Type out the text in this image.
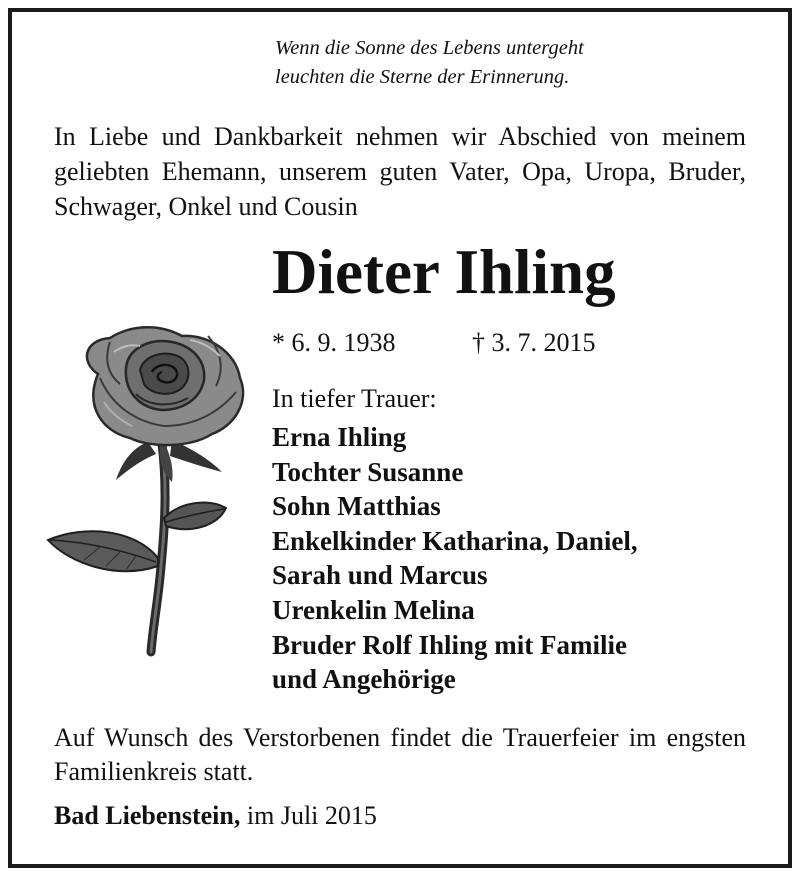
Wenn die Sonne des Lebens untergeht
leuchten die Sterne der Erinnerung.
In Liebe und Dankbarkeit nehmen wir Abschied von meinem geliebten Ehemann, unserem guten Vater, Opa, Uropa, Bruder, Schwager, Onkel und Cousin
Dieter Ihling
* 6. 9. 1938	† 3. 7. 2015
In tiefer Trauer:
Erna Ihling
Tochter Susanne
Sohn Matthias
Enkelkinder Katharina, Daniel,
Sarah und Marcus
Urenkelin Melina
Bruder Rolf Ihling mit Familie
und Angehörige
Auf Wunsch des Verstorbenen findet die Trauerfeier im engsten Familienkreis statt.
Bad Liebenstein, im Juli 2015
